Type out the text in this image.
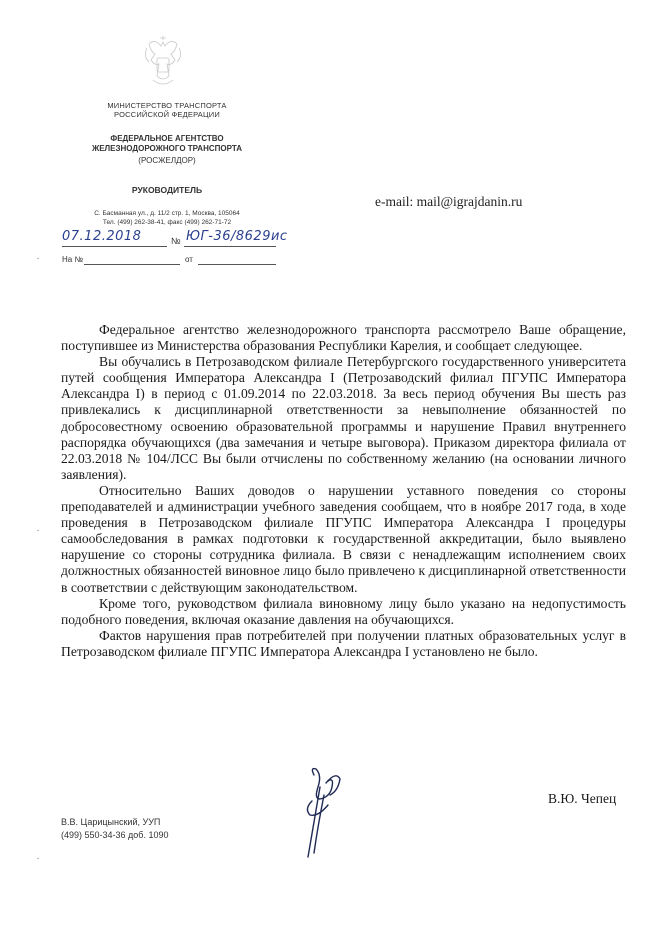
МИНИСТЕРСТВО ТРАНСПОРТА
РОССИЙСКОЙ ФЕДЕРАЦИИ
ФЕДЕРАЛЬНОЕ АГЕНТСТВО
ЖЕЛЕЗНОДОРОЖНОГО ТРАНСПОРТА
(РОСЖЕЛДОР)
РУКОВОДИТЕЛЬ
С. Басманная ул., д. 11/2 стр. 1, Москва, 105064
Тел. (499) 262-38-41, факс (499) 262-71-72
07.12.2018	№ ЮГ-36/8629ис
На №	от
e-mail: mail@igrajdanin.ru

Федеральное агентство железнодорожного транспорта рассмотрело Ваше обращение, поступившее из Министерства образования Республики Карелия, и сообщает следующее.

Вы обучались в Петрозаводском филиале Петербургского государственного университета путей сообщения Императора Александра I (Петрозаводский филиал ПГУПС Императора Александра I) в период с 01.09.2014 по 22.03.2018. За весь период обучения Вы шесть раз привлекались к дисциплинарной ответственности за невыполнение обязанностей по добросовестному освоению образовательной программы и нарушение Правил внутреннего распорядка обучающихся (два замечания и четыре выговора). Приказом директора филиала от 22.03.2018 № 104/ЛСС Вы были отчислены по собственному желанию (на основании личного заявления).

Относительно Ваших доводов о нарушении уставного поведения со стороны преподавателей и администрации учебного заведения сообщаем, что в ноябре 2017 года, в ходе проведения в Петрозаводском филиале ПГУПС Императора Александра I процедуры самообследования в рамках подготовки к государственной аккредитации, было выявлено нарушение со стороны сотрудника филиала. В связи с ненадлежащим исполнением своих должностных обязанностей виновное лицо было привлечено к дисциплинарной ответственности в соответствии с действующим законодательством.

Кроме того, руководством филиала виновному лицу было указано на недопустимость подобного поведения, включая оказание давления на обучающихся.

Фактов нарушения прав потребителей при получении платных образовательных услуг в Петрозаводском филиале ПГУПС Императора Александра I установлено не было.

В.Ю. Чепец
В.В. Царицынский, УУП
(499) 550-34-36 доб. 1090
